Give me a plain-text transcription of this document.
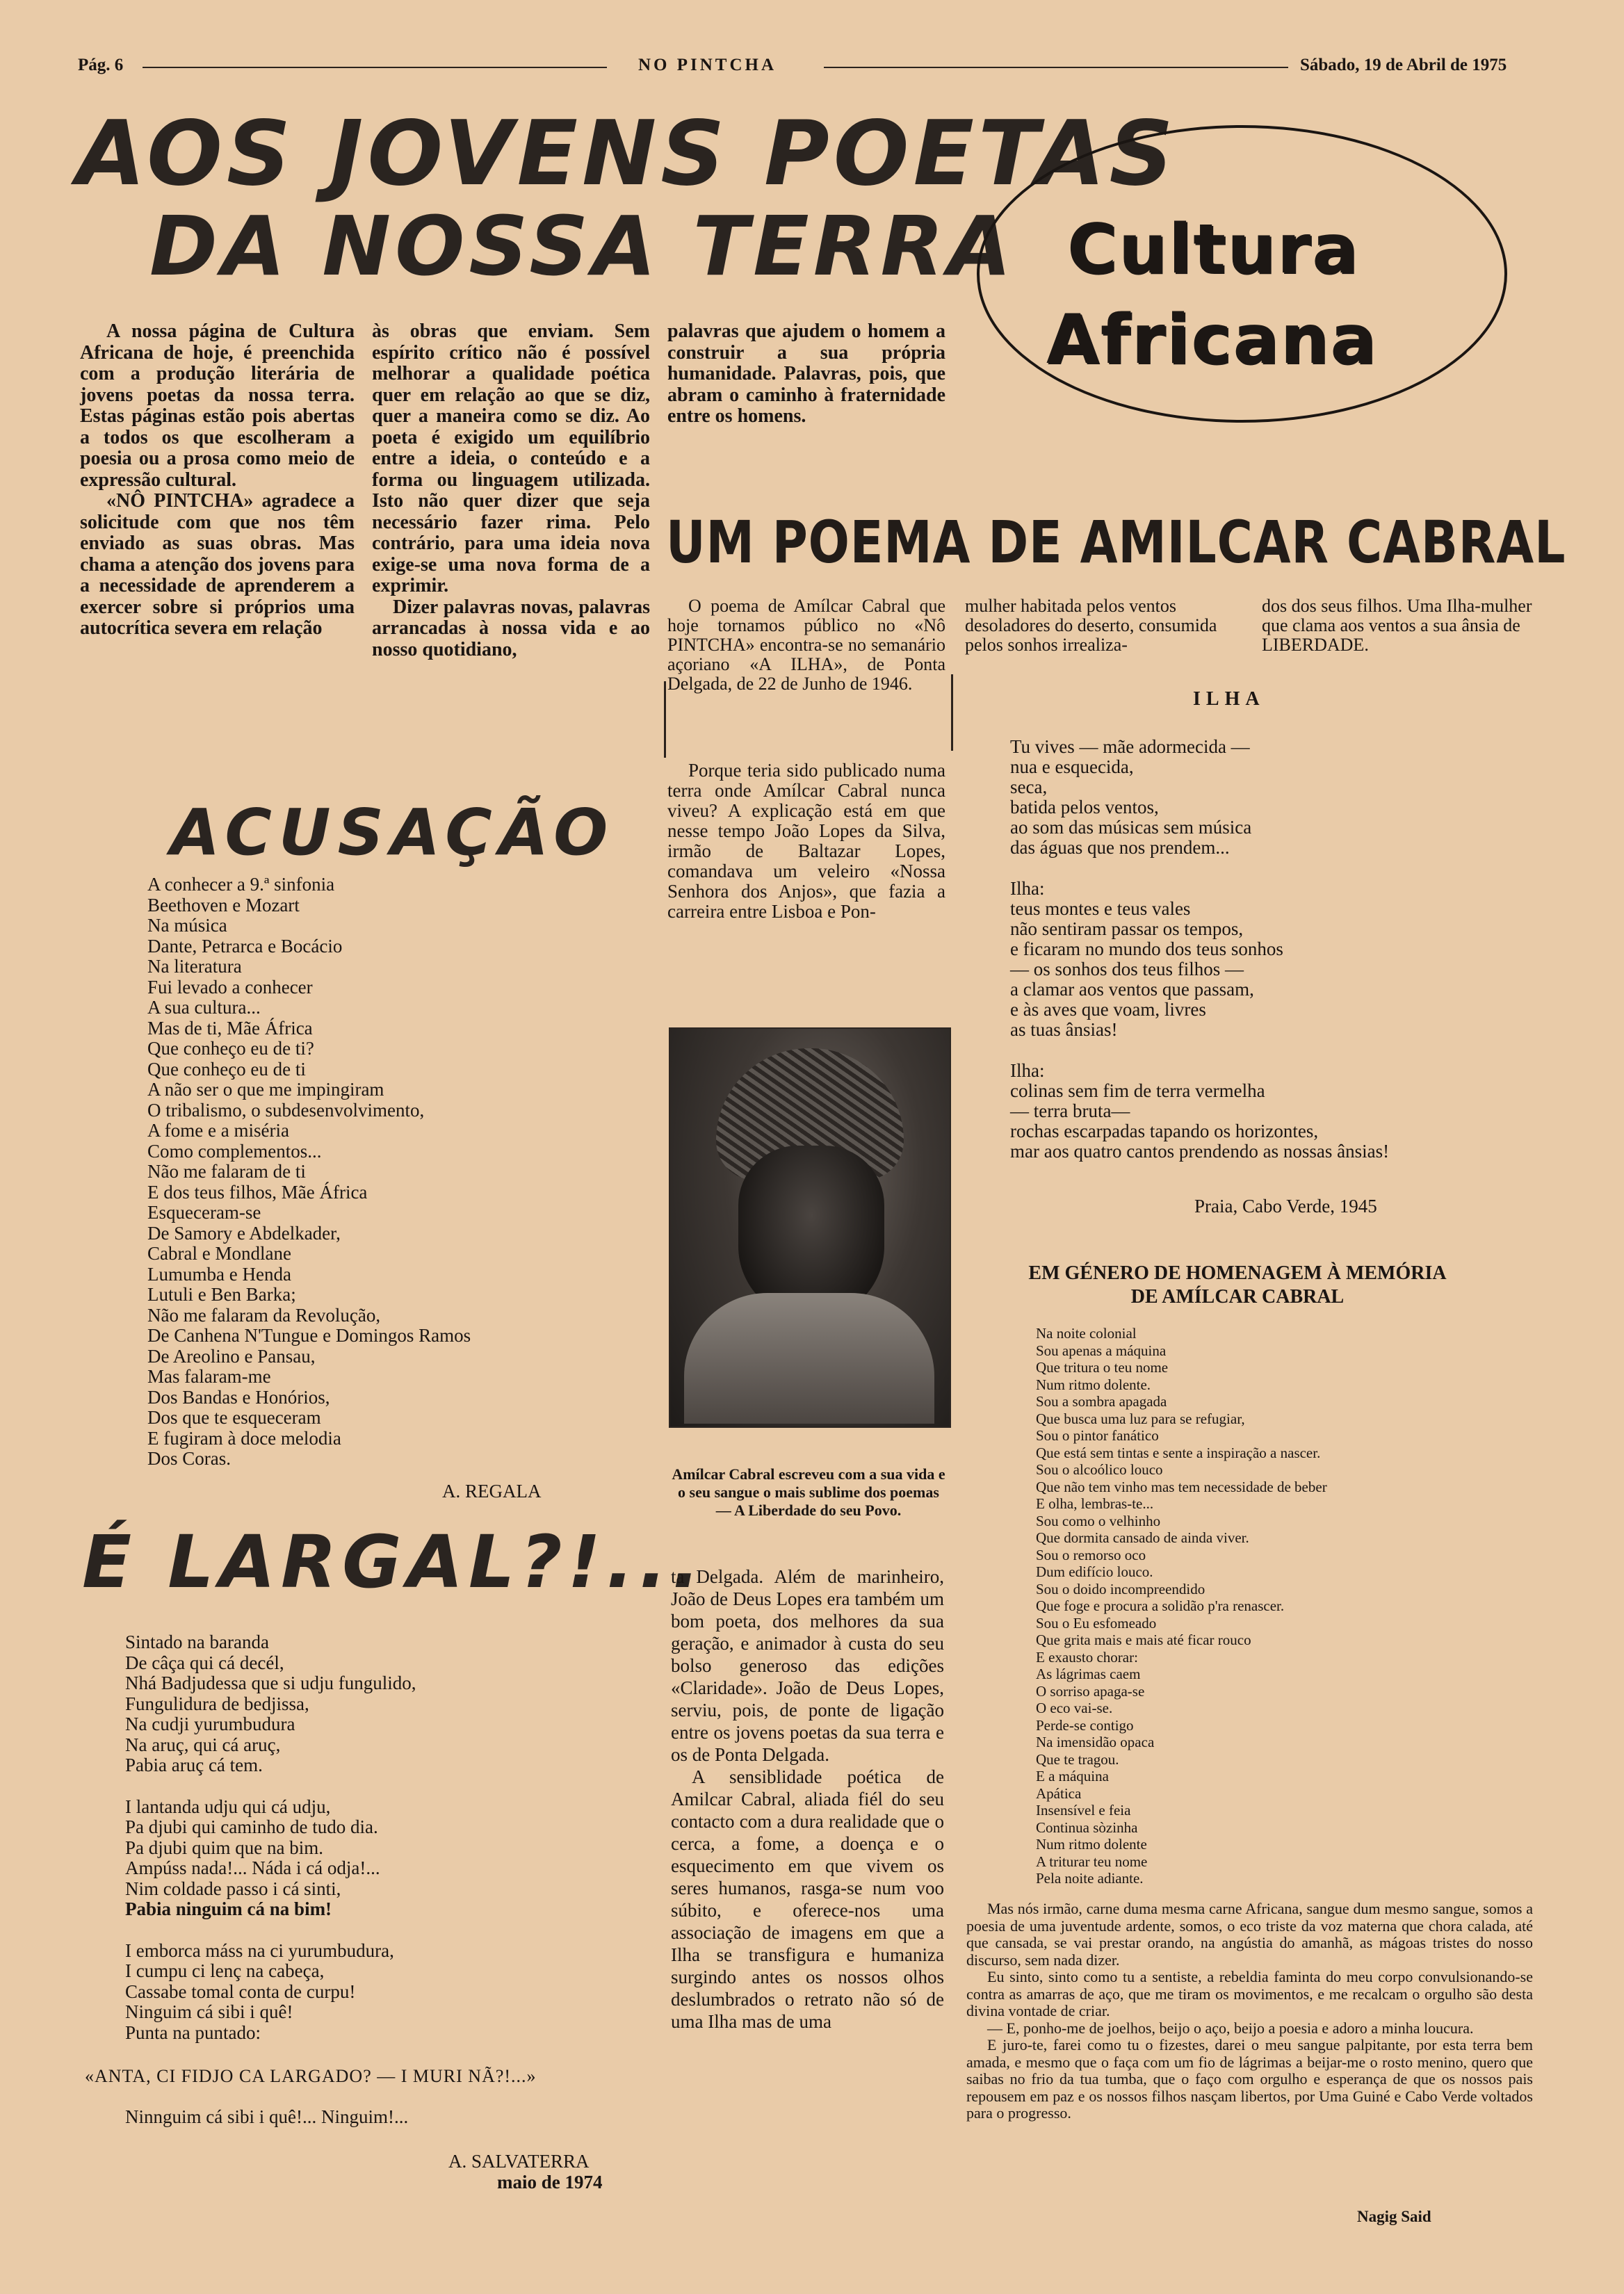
Pág. 6	NO PINTCHA	Sábado, 19 de Abril de 1975
AOS JOVENS POETAS
DA NOSSA TERRA Cultura
Africana

A nossa página de Cultura Africana de hoje, é preenchida com a produção literária de jovens poetas da nossa terra. Estas páginas estão pois abertas a todos os que escolheram a poesia ou a prosa como meio de expressão cultural.

«NÔ PINTCHA» agradece a solicitude com que nos têm enviado as suas obras. Mas chama a atenção dos jovens para a necessidade de aprenderem a exercer sobre si próprios uma autocrítica severa em relação

às obras que enviam. Sem espírito crítico não é possível melhorar a qualidade poética quer em relação ao que se diz, quer a maneira como se diz. Ao poeta é exigido um equilíbrio entre a ideia, o conteúdo e a forma ou linguagem utilizada. Isto não quer dizer que seja necessário fazer rima. Pelo contrário, para uma ideia nova exige-se uma nova forma de a exprimir.

Dizer palavras novas, palavras arrancadas à nossa vida e ao nosso quotidiano,

palavras que ajudem o homem a construir a sua própria humanidade. Palavras, pois, que abram o caminho à fraternidade entre os homens.

UM POEMA DE AMILCAR CABRAL
ACUSAÇÃO
A conhecer a 9.ª sinfonia
Beethoven e Mozart
Na música
Dante, Petrarca e Bocácio
Na literatura
Fui levado a conhecer
A sua cultura...
Mas de ti, Mãe África
Que conheço eu de ti?
Que conheço eu de ti
A não ser o que me impingiram
O tribalismo, o subdesenvolvimento,
A fome e a miséria
Como complementos...
Não me falaram de ti
E dos teus filhos, Mãe África
Esqueceram-se
De Samory e Abdelkader,
Cabral e Mondlane
Lumumba e Henda
Lutuli e Ben Barka;
Não me falaram da Revolução,
De Canhena N'Tungue e Domingos Ramos
De Areolino e Pansau,
Mas falaram-me
Dos Bandas e Honórios,
Dos que te esqueceram
E fugiram à doce melodia
Dos Coras.
A. REGALA
É LARGAL?!...
Sintado na baranda
De câça qui cá decél,
Nhá Badjudessa que si udju fungulido,
Fungulidura de bedjissa,
Na cudji yurumbudura
Na aruç, qui cá aruç,
Pabia aruç cá tem.
I lantanda udju qui cá udju,
Pa djubi qui caminho de tudo dia.
Pa djubi quim que na bim.
Ampúss nada!... Náda i cá odja!...
Nim coldade passo i cá sinti,
Pabia ninguim cá na bim!
I emborca máss na ci yurumbudura,
I cumpu ci lenç na cabeça,
Cassabe tomal conta de curpu!
Ninguim cá sibi i quê!
Punta na puntado:
«ANTA, CI FIDJO CA LARGADO? — I MURI NÃ?!...»
Ninnguim cá sibi i quê!... Ninguim!...
A. SALVATERRA
maio de 1974

O poema de Amílcar Cabral que hoje tornamos público no «Nô PINTCHA» encontra-se no semanário açoriano «A ILHA», de Ponta Delgada, de 22 de Junho de 1946.

Porque teria sido publicado numa terra onde Amílcar Cabral nunca viveu? A explicação está em que nesse tempo João Lopes da Silva, irmão de Baltazar Lopes, comandava um veleiro «Nossa Senhora dos Anjos», que fazia a carreira entre Lisboa e Pon-

Amílcar Cabral escreveu com a sua vida e o seu sangue o mais sublime dos poemas — A Liberdade do seu Povo.

ta Delgada. Além de marinheiro, João de Deus Lopes era também um bom poeta, dos melhores da sua geração, e animador à custa do seu bolso generoso das edições «Claridade». João de Deus Lopes, serviu, pois, de ponte de ligação entre os jovens poetas da sua terra e os de Ponta Delgada.

A sensiblidade poética de Amilcar Cabral, aliada fiél do seu contacto com a dura realidade que o cerca, a fome, a doença e o esquecimento em que vivem os seres humanos, rasga-se num voo súbito, e oferece-nos uma associação de imagens em que a Ilha se transfigura e humaniza surgindo antes os nossos olhos deslumbrados o retrato não só de uma Ilha mas de uma

mulher habitada pelos ventos desoladores do deserto, consumida pelos sonhos irrealiza-

dos dos seus filhos. Uma Ilha-mulher que clama aos ventos a sua ânsia de LIBERDADE.

ILHA
Tu vives — mãe adormecida —
nua e esquecida,
seca,
batida pelos ventos,
ao som das músicas sem música
das águas que nos prendem...
Ilha:
teus montes e teus vales
não sentiram passar os tempos,
e ficaram no mundo dos teus sonhos
— os sonhos dos teus filhos —
a clamar aos ventos que passam,
e às aves que voam, livres
as tuas ânsias!
Ilha:
colinas sem fim de terra vermelha
— terra bruta—
rochas escarpadas tapando os horizontes,
mar aos quatro cantos prendendo as nossas ânsias!
Praia, Cabo Verde, 1945
EM GÉNERO DE HOMENAGEM À MEMÓRIA
DE AMÍLCAR CABRAL
Na noite colonial
Sou apenas a máquina
Que tritura o teu nome
Num ritmo dolente.
Sou a sombra apagada
Que busca uma luz para se refugiar,
Sou o pintor fanático
Que está sem tintas e sente a inspiração a nascer.
Sou o alcoólico louco
Que não tem vinho mas tem necessidade de beber
E olha, lembras-te...
Sou como o velhinho
Que dormita cansado de ainda viver.
Sou o remorso oco
Dum edifício louco.
Sou o doido incompreendido
Que foge e procura a solidão p'ra renascer.
Sou o Eu esfomeado
Que grita mais e mais até ficar rouco
E exausto chorar:
As lágrimas caem
O sorriso apaga-se
O eco vai-se.
Perde-se contigo
Na imensidão opaca
Que te tragou.
E a máquina
Apática
Insensível e feia
Continua sòzinha
Num ritmo dolente
A triturar teu nome
Pela noite adiante.

Mas nós irmão, carne duma mesma carne Africana, sangue dum mesmo sangue, somos a poesia de uma juventude ardente, somos, o eco triste da voz materna que chora calada, até que cansada, se vai prestar orando, na angústia do amanhã, as mágoas tristes do nosso discurso, sem nada dizer.

Eu sinto, sinto como tu a sentiste, a rebeldia faminta do meu corpo convulsionando-se contra as amarras de aço, que me tiram os movimentos, e me recalcam o orgulho são desta divina vontade de criar.

— E, ponho-me de joelhos, beijo o aço, beijo a poesia e adoro a minha loucura.

E juro-te, farei como tu o fizestes, darei o meu sangue palpitante, por esta terra bem amada, e mesmo que o faça com um fio de lágrimas a beijar-me o rosto menino, quero que saibas no frio da tua tumba, que o faço com orgulho e esperança de que os nossos pais repousem em paz e os nossos filhos nasçam libertos, por Uma Guiné e Cabo Verde voltados para o progresso.

Nagig Said
